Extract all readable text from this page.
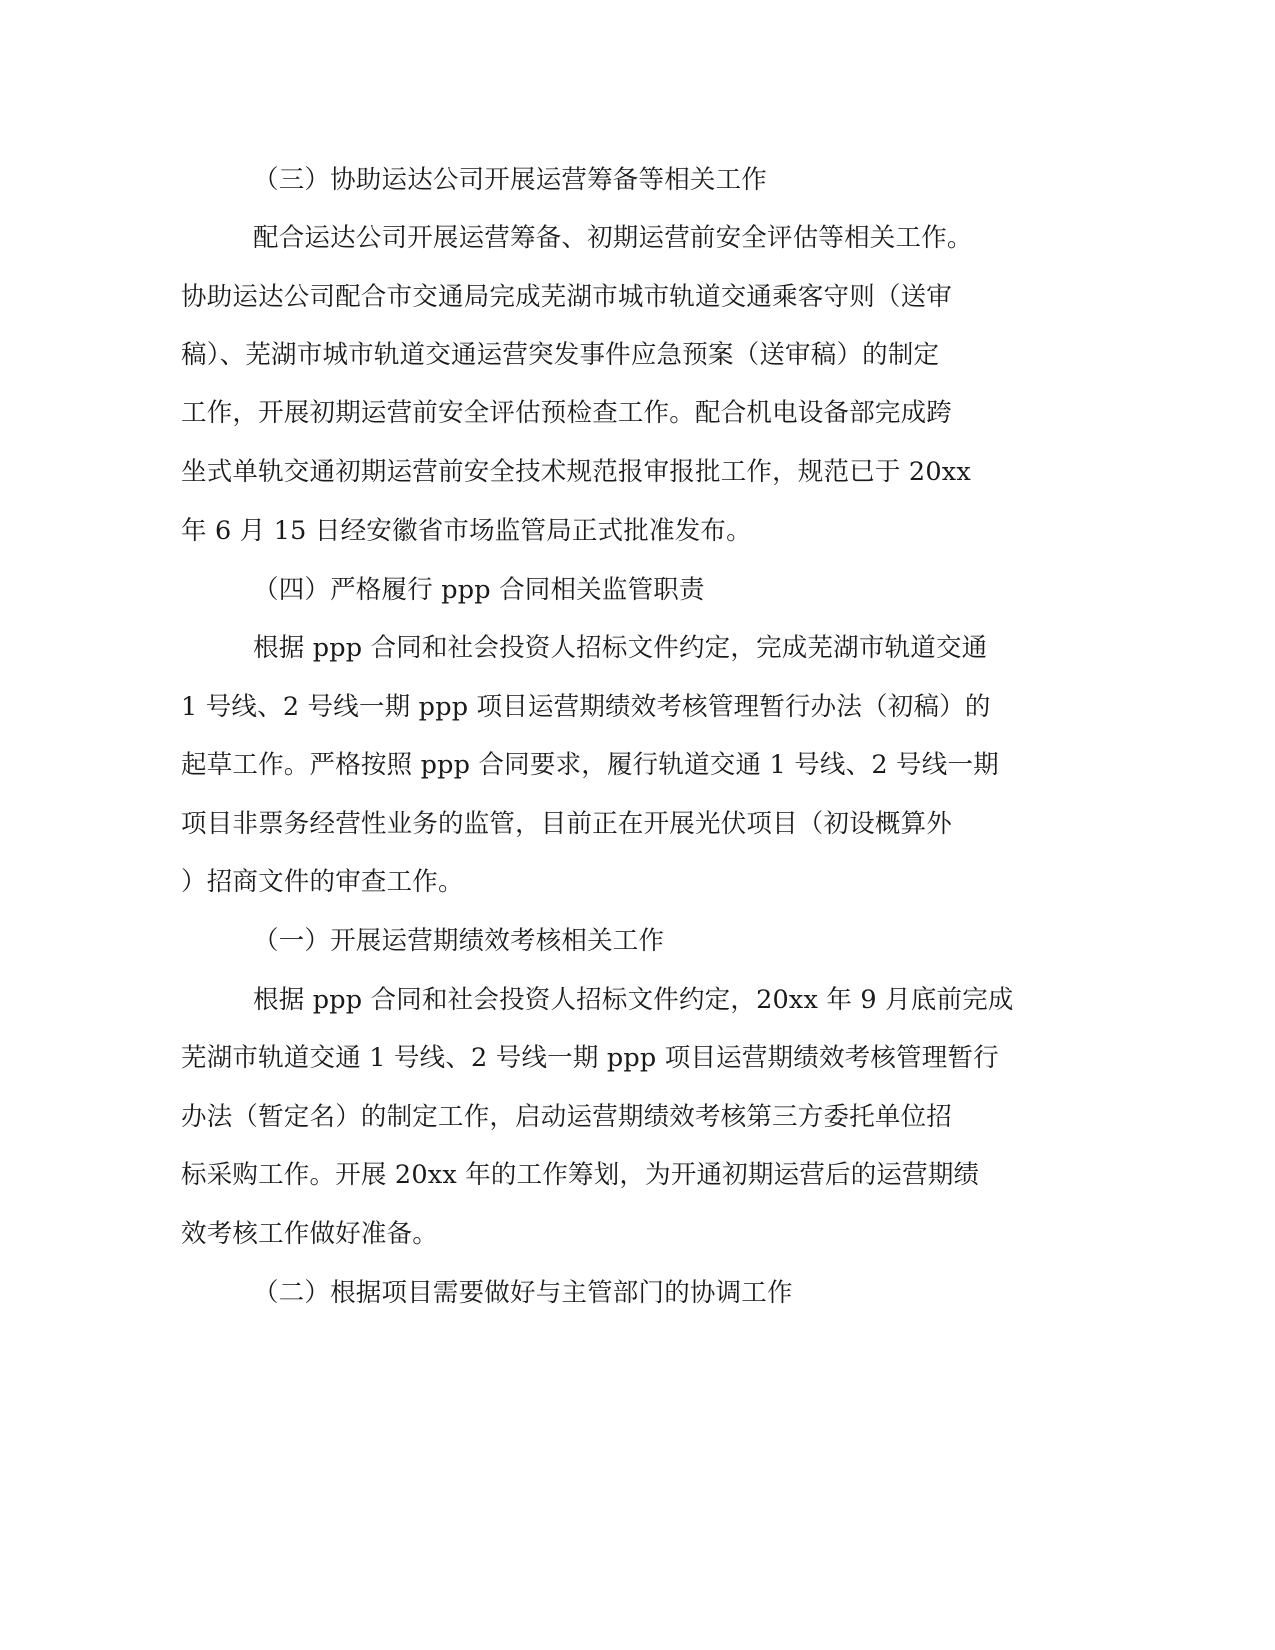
（三）协助运达公司开展运营筹备等相关工作
配合运达公司开展运营筹备、初期运营前安全评估等相关工作。
协助运达公司配合市交通局完成芜湖市城市轨道交通乘客守则（送审
稿）、芜湖市城市轨道交通运营突发事件应急预案（送审稿）的制定
工作，开展初期运营前安全评估预检查工作。配合机电设备部完成跨
坐式单轨交通初期运营前安全技术规范报审报批工作，规范已于 20xx
年 6 月 15 日经安徽省市场监管局正式批准发布。
（四）严格履行 ppp 合同相关监管职责
根据 ppp 合同和社会投资人招标文件约定，完成芜湖市轨道交通
1 号线、2 号线一期 ppp 项目运营期绩效考核管理暂行办法（初稿）的
起草工作。严格按照 ppp 合同要求，履行轨道交通 1 号线、2 号线一期
项目非票务经营性业务的监管，目前正在开展光伏项目（初设概算外
）招商文件的审查工作。
（一）开展运营期绩效考核相关工作
根据 ppp 合同和社会投资人招标文件约定，20xx 年 9 月底前完成
芜湖市轨道交通 1 号线、2 号线一期 ppp 项目运营期绩效考核管理暂行
办法（暂定名）的制定工作，启动运营期绩效考核第三方委托单位招
标采购工作。开展 20xx 年的工作筹划，为开通初期运营后的运营期绩
效考核工作做好准备。
（二）根据项目需要做好与主管部门的协调工作
